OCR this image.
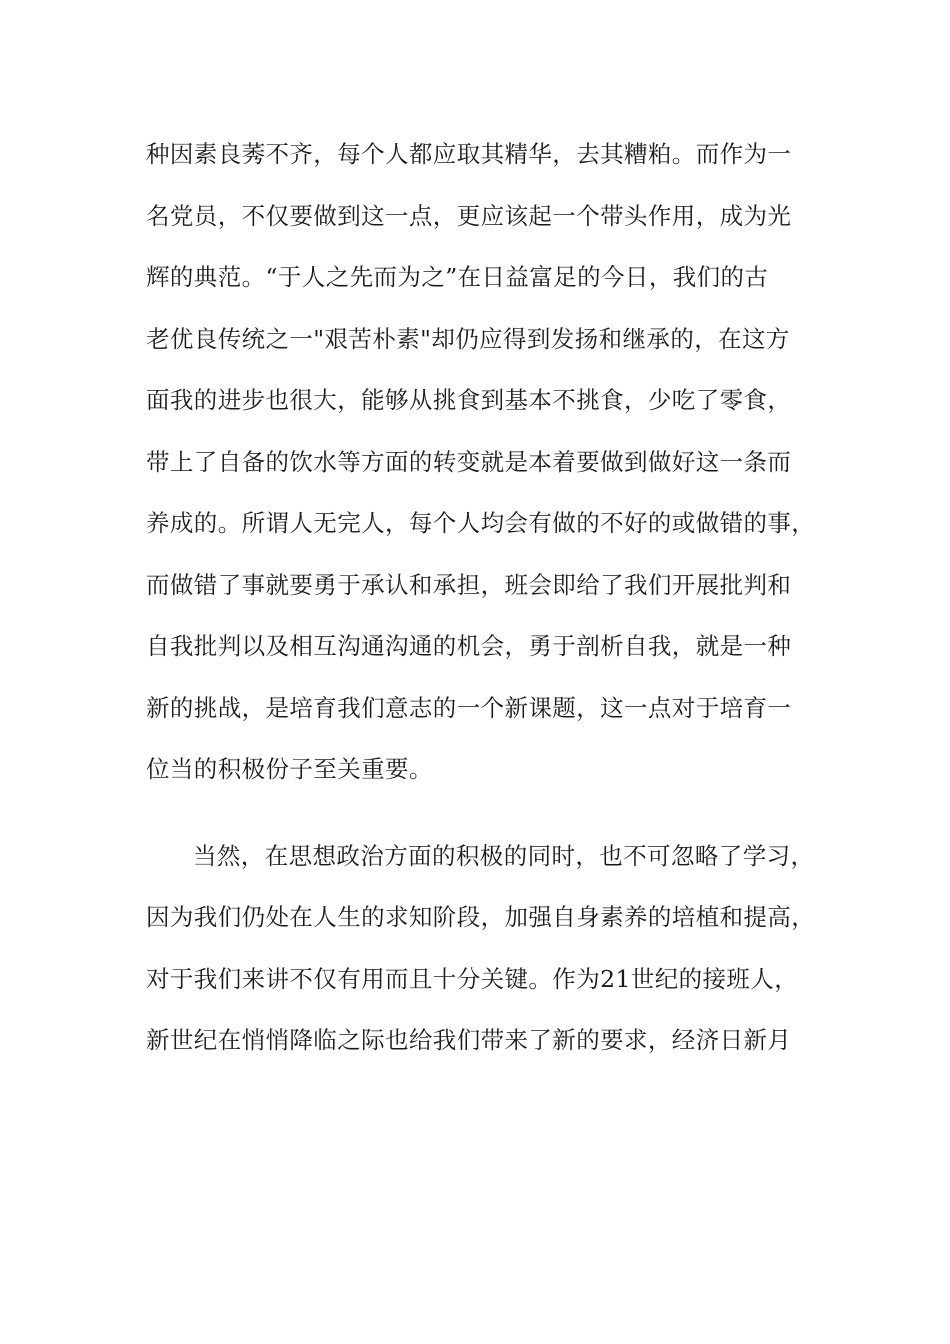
种因素良莠不齐，每个人都应取其精华，去其糟粕。而作为一
名党员，不仅要做到这一点，更应该起一个带头作用，成为光
辉的典范。“于人之先而为之”在日益富足的今日，我们的古
老优良传统之一"艰苦朴素"却仍应得到发扬和继承的，在这方
面我的进步也很大，能够从挑食到基本不挑食，少吃了零食，
带上了自备的饮水等方面的转变就是本着要做到做好这一条而
养成的。所谓人无完人，每个人均会有做的不好的或做错的事，
而做错了事就要勇于承认和承担，班会即给了我们开展批判和
自我批判以及相互沟通沟通的机会，勇于剖析自我，就是一种
新的挑战，是培育我们意志的一个新课题，这一点对于培育一
位当的积极份子至关重要。
当然，在思想政治方面的积极的同时，也不可忽略了学习，
因为我们仍处在人生的求知阶段，加强自身素养的培植和提高，
对于我们来讲不仅有用而且十分关键。作为21世纪的接班人，
新世纪在悄悄降临之际也给我们带来了新的要求，经济日新月
